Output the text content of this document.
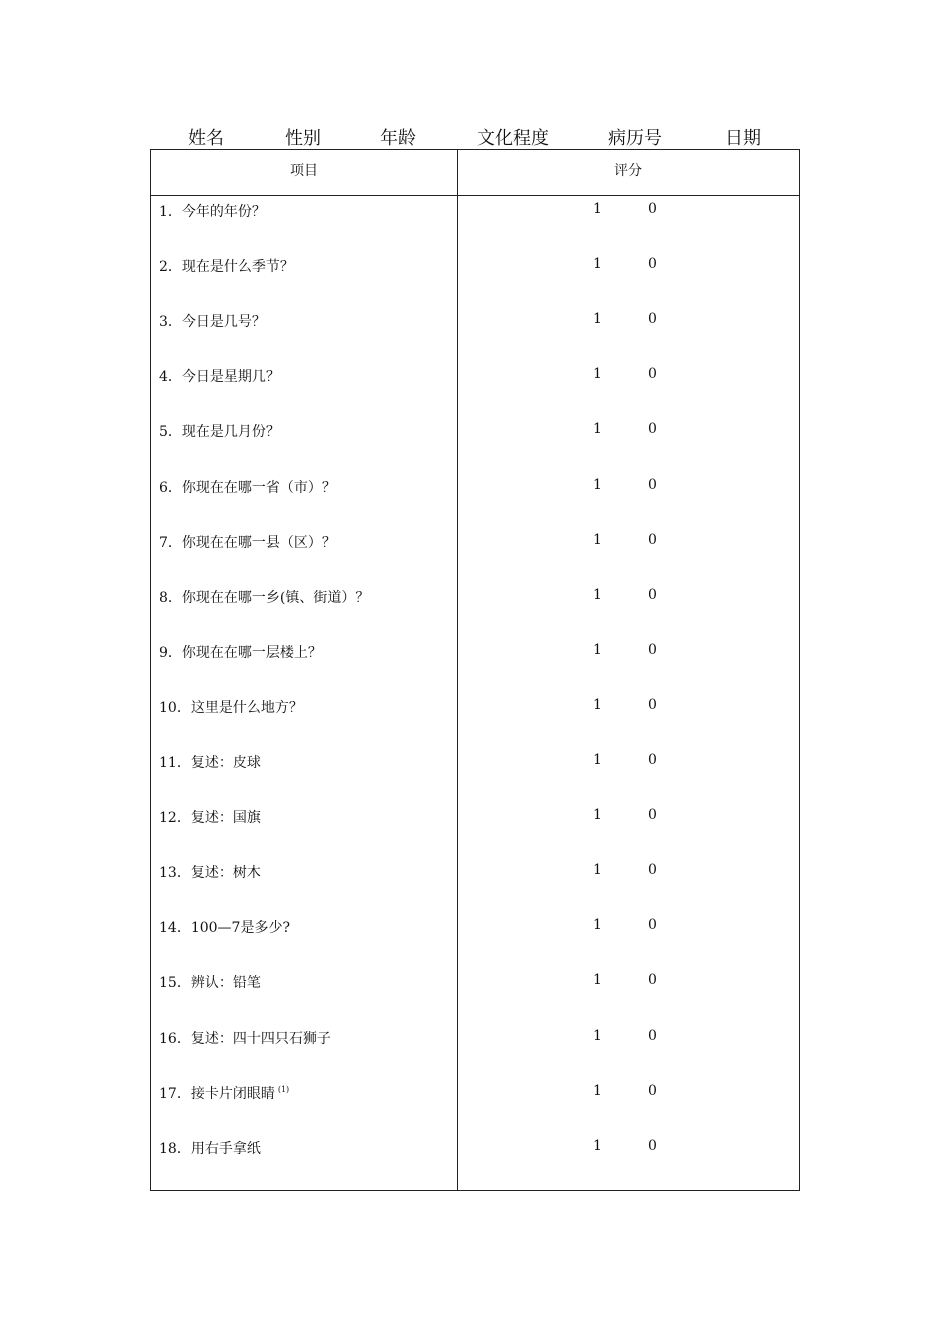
姓名	性别	年龄	文化程度	病历号	日期
项目	评分
1．今年的年份？	1	0
2．现在是什么季节？	1	0
3．今日是几号？	1	0
4．今日是星期几？	1	0
5．现在是几月份？	1	0
6．你现在在哪一省（市）？	1	0
7．你现在在哪一县（区）？	1	0
8．你现在在哪一乡(镇、街道）？	1	0
9．你现在在哪一层楼上？	1	0
10．这里是什么地方？	1	0
11．复述：皮球	1	0
12．复述：国旗	1	0
13．复述：树木	1	0
14．100—7是多少?	1	0
15．辨认：铅笔	1	0
16．复述：四十四只石狮子	1	0
17．接卡片闭眼睛 $^{(1)}$	1	0
18．用右手拿纸	1	0
